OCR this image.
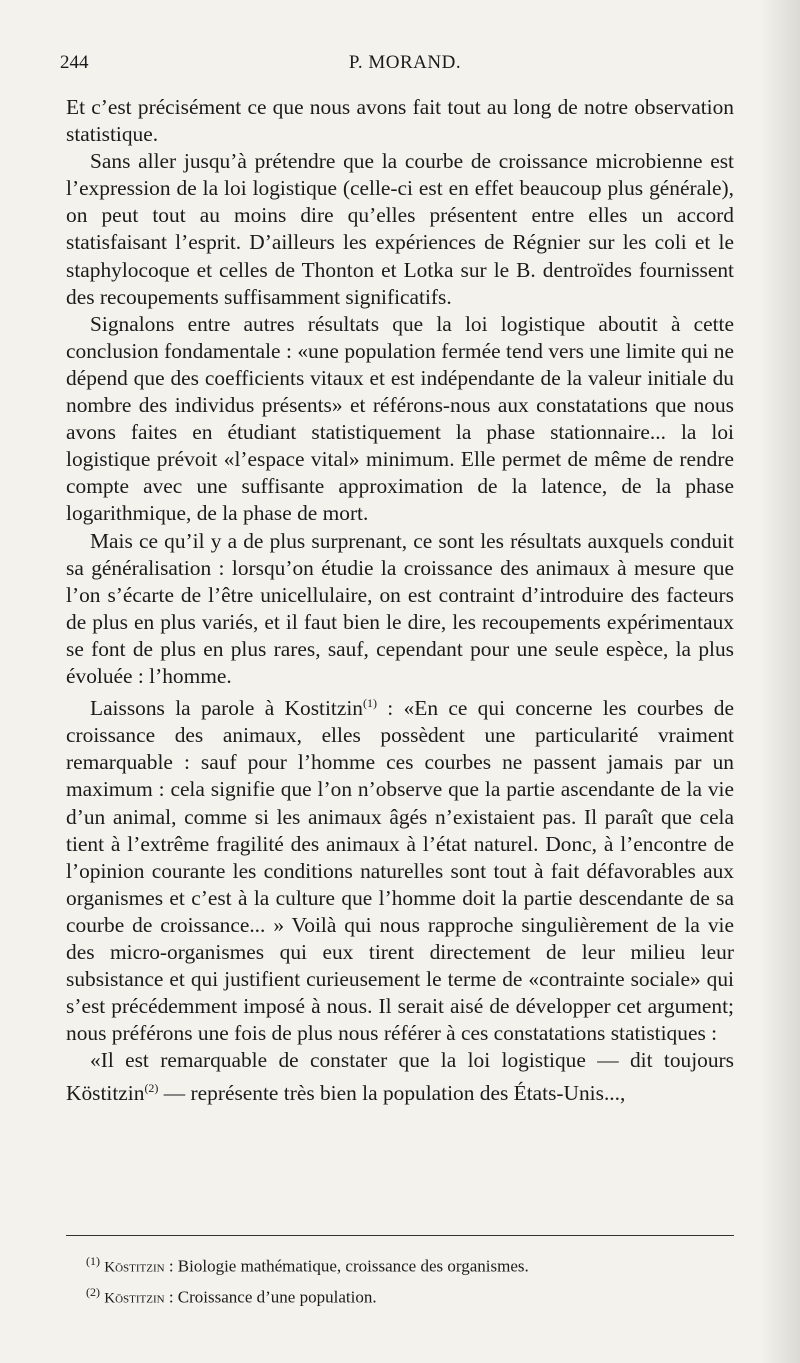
244	P. MORAND.

Et c’est précisément ce que nous avons fait tout au long de notre observation statistique.

Sans aller jusqu’à prétendre que la courbe de croissance microbienne est l’expression de la loi logistique (celle-ci est en effet beaucoup plus générale), on peut tout au moins dire qu’elles présentent entre elles un accord statisfaisant l’esprit. D’ailleurs les expériences de Régnier sur les coli et le staphylocoque et celles de Thonton et Lotka sur le B. dentroïdes fournissent des recoupements suffisamment significatifs.

Signalons entre autres résultats que la loi logistique aboutit à cette conclusion fondamentale : «une population fermée tend vers une limite qui ne dépend que des coefficients vitaux et est indépendante de la valeur initiale du nombre des individus présents» et référons-nous aux constatations que nous avons faites en étudiant statistiquement la phase stationnaire... la loi logistique prévoit «l’espace vital» minimum. Elle permet de même de rendre compte avec une suffisante approximation de la latence, de la phase logarithmique, de la phase de mort.

Mais ce qu’il y a de plus surprenant, ce sont les résultats auxquels conduit sa généralisation : lorsqu’on étudie la croissance des animaux à mesure que l’on s’écarte de l’être unicellulaire, on est contraint d’introduire des facteurs de plus en plus variés, et il faut bien le dire, les recoupements expérimentaux se font de plus en plus rares, sauf, cependant pour une seule espèce, la plus évoluée : l’homme.

Laissons la parole à Kostitzin$^{(1)}$ : «En ce qui concerne les courbes de croissance des animaux, elles possèdent une particularité vraiment remarquable : sauf pour l’homme ces courbes ne passent jamais par un maximum : cela signifie que l’on n’observe que la partie ascendante de la vie d’un animal, comme si les animaux âgés n’existaient pas. Il paraît que cela tient à l’extrême fragilité des animaux à l’état naturel. Donc, à l’encontre de l’opinion courante les conditions naturelles sont tout à fait défavorables aux organismes et c’est à la culture que l’homme doit la partie descendante de sa courbe de croissance... » Voilà qui nous rapproche singulièrement de la vie des micro-organismes qui eux tirent directement de leur milieu leur subsistance et qui justifient curieusement le terme de «contrainte sociale» qui s’est précédemment imposé à nous. Il serait aisé de développer cet argument; nous préférons une fois de plus nous référer à ces constatations statistiques :

«Il est remarquable de constater que la loi logistique — dit toujours Köstitzin$^{(2)}$ — représente très bien la population des États-Unis...,

$^{(1)}$ Köstitzin : Biologie mathématique, croissance des organismes.

$^{(2)}$ Köstitzin : Croissance d’une population.
